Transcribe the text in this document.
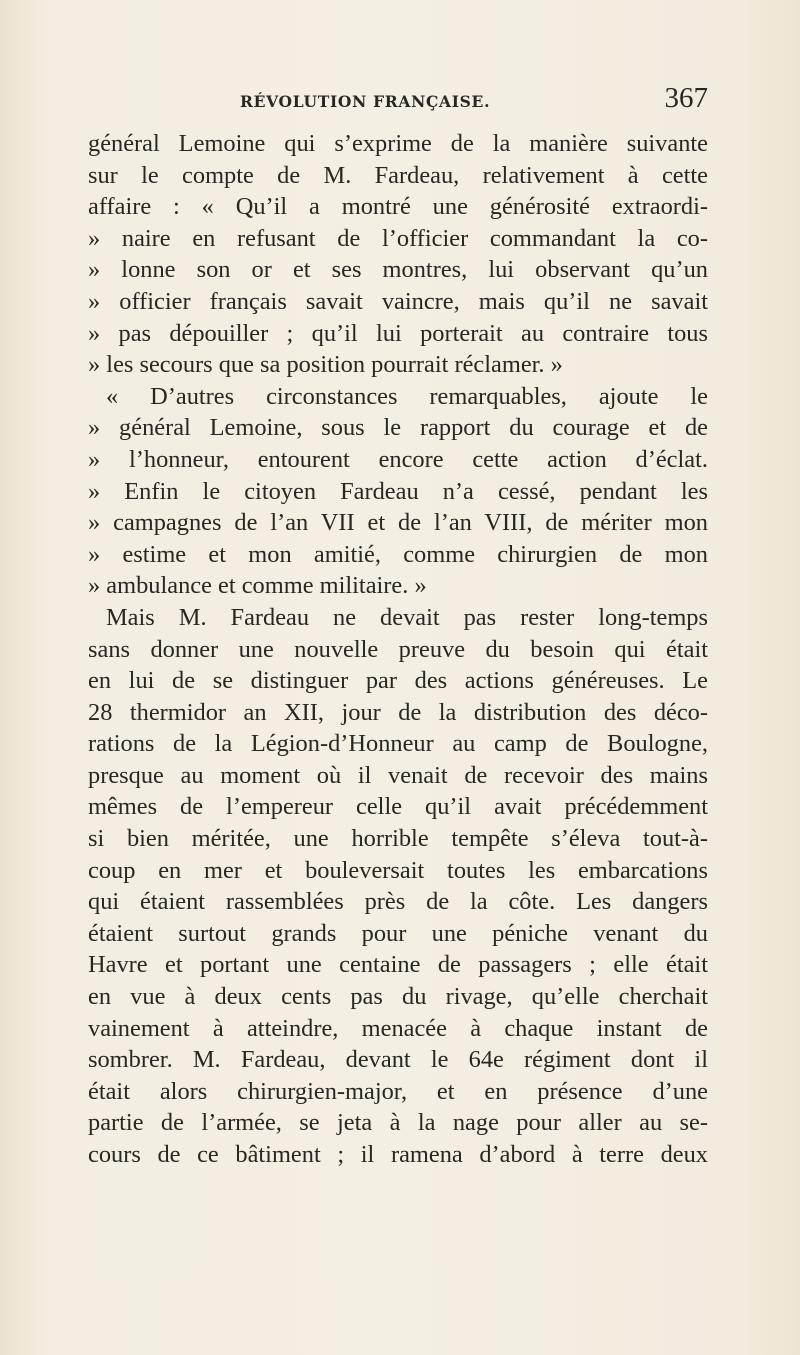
RÉVOLUTION FRANÇAISE.	367
général Lemoine qui s’exprime de la manière suivante
sur le compte de M. Fardeau, relativement à cette
affaire : « Qu’il a montré une générosité extraordi-
» naire en refusant de l’officier commandant la co-
» lonne son or et ses montres, lui observant qu’un
» officier français savait vaincre, mais qu’il ne savait
» pas dépouiller ; qu’il lui porterait au contraire tous
» les secours que sa position pourrait réclamer. »
« D’autres circonstances remarquables, ajoute le
» général Lemoine, sous le rapport du courage et de
» l’honneur, entourent encore cette action d’éclat.
» Enfin le citoyen Fardeau n’a cessé, pendant les
» campagnes de l’an VII et de l’an VIII, de mériter mon
» estime et mon amitié, comme chirurgien de mon
» ambulance et comme militaire. »
Mais M. Fardeau ne devait pas rester long-temps
sans donner une nouvelle preuve du besoin qui était
en lui de se distinguer par des actions généreuses. Le
28 thermidor an XII, jour de la distribution des déco-
rations de la Légion-d’Honneur au camp de Boulogne,
presque au moment où il venait de recevoir des mains
mêmes de l’empereur celle qu’il avait précédemment
si bien méritée, une horrible tempête s’éleva tout-à-
coup en mer et bouleversait toutes les embarcations
qui étaient rassemblées près de la côte. Les dangers
étaient surtout grands pour une péniche venant du
Havre et portant une centaine de passagers ; elle était
en vue à deux cents pas du rivage, qu’elle cherchait
vainement à atteindre, menacée à chaque instant de
sombrer. M. Fardeau, devant le 64e régiment dont il
était alors chirurgien-major, et en présence d’une
partie de l’armée, se jeta à la nage pour aller au se-
cours de ce bâtiment ; il ramena d’abord à terre deux
